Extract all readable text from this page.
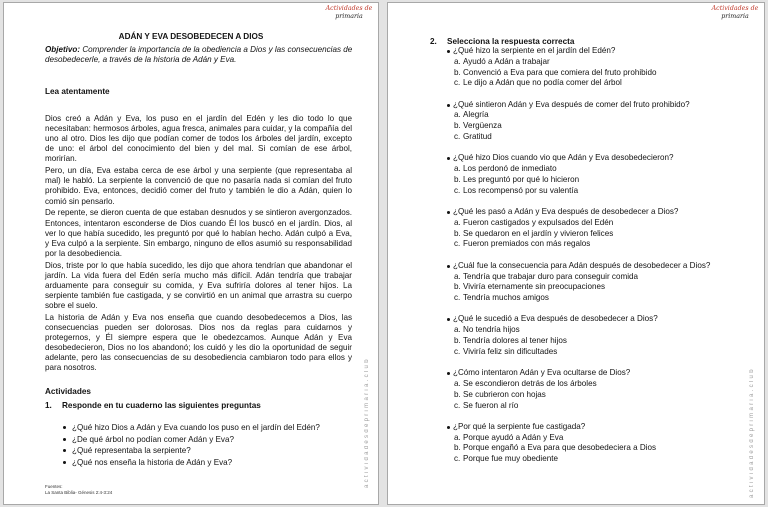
Actividades de
primaria
ADÁN Y EVA DESOBEDECEN A DIOS
Objetivo: Comprender la importancia de la obediencia a Dios y las consecuencias de desobedecerle, a través de la historia de Adán y Eva.
Lea atentamente

Dios creó a Adán y Eva, los puso en el jardín del Edén y les dio todo lo que necesitaban: hermosos árboles, agua fresca, animales para cuidar, y la compañía del uno al otro. Dios les dijo que podían comer de todos los árboles del jardín, excepto de uno: el árbol del conocimiento del bien y del mal. Si comían de ese árbol, morirían.

Pero, un día, Eva estaba cerca de ese árbol y una serpiente (que representaba al mal) le habló. La serpiente la convenció de que no pasaría nada si comían del fruto prohibido. Eva, entonces, decidió comer del fruto y también le dio a Adán, quien lo comió sin pensarlo.

De repente, se dieron cuenta de que estaban desnudos y se sintieron avergonzados. Entonces, intentaron esconderse de Dios cuando Él los buscó en el jardín. Dios, al ver lo que había sucedido, les preguntó por qué lo habían hecho. Adán culpó a Eva, y Eva culpó a la serpiente. Sin embargo, ninguno de ellos asumió su responsabilidad por la desobediencia.

Dios, triste por lo que había sucedido, les dijo que ahora tendrían que abandonar el jardín. La vida fuera del Edén sería mucho más difícil. Adán tendría que trabajar arduamente para conseguir su comida, y Eva sufriría dolores al tener hijos. La serpiente también fue castigada, y se convirtió en un animal que arrastra su cuerpo sobre el suelo.

La historia de Adán y Eva nos enseña que cuando desobedecemos a Dios, las consecuencias pueden ser dolorosas. Dios nos da reglas para cuidarnos y protegernos, y Él siempre espera que le obedezcamos. Aunque Adán y Eva desobedecieron, Dios no los abandonó; los cuidó y les dio la oportunidad de seguir adelante, pero las consecuencias de su desobediencia cambiaron todo para ellos y para nosotros.

Actividades
1. Responde en tu cuaderno las siguientes preguntas
¿Qué hizo Dios a Adán y Eva cuando los puso en el jardín del Edén?
¿De qué árbol no podían comer Adán y Eva?
¿Qué representaba la serpiente?
¿Qué nos enseña la historia de Adán y Eva?
Fuentes:
La Santa Biblia- Génesis 2:4-3:24
actividadesdeprimaria.club
Actividades de
primaria
2. Selecciona la respuesta correcta
¿Qué hizo la serpiente en el jardín del Edén?
a. Ayudó a Adán a trabajar
b. Convenció a Eva para que comiera del fruto prohibido
c. Le dijo a Adán que no podía comer del árbol
¿Qué sintieron Adán y Eva después de comer del fruto prohibido?
a. Alegría
b. Vergüenza
c. Gratitud
¿Qué hizo Dios cuando vio que Adán y Eva desobedecieron?
a. Los perdonó de inmediato
b. Les preguntó por qué lo hicieron
c. Los recompensó por su valentía
¿Qué les pasó a Adán y Eva después de desobedecer a Dios?
a. Fueron castigados y expulsados del Edén
b. Se quedaron en el jardín y vivieron felices
c. Fueron premiados con más regalos
¿Cuál fue la consecuencia para Adán después de desobedecer a Dios?
a. Tendría que trabajar duro para conseguir comida
b. Viviría eternamente sin preocupaciones
c. Tendría muchos amigos
¿Qué le sucedió a Eva después de desobedecer a Dios?
a. No tendría hijos
b. Tendría dolores al tener hijos
c. Viviría feliz sin dificultades
¿Cómo intentaron Adán y Eva ocultarse de Dios?
a. Se escondieron detrás de los árboles
b. Se cubrieron con hojas
c. Se fueron al río
¿Por qué la serpiente fue castigada?
a. Porque ayudó a Adán y Eva
b. Porque engañó a Eva para que desobedeciera a Dios
c. Porque fue muy obediente	actividadesdeprimaria.club
